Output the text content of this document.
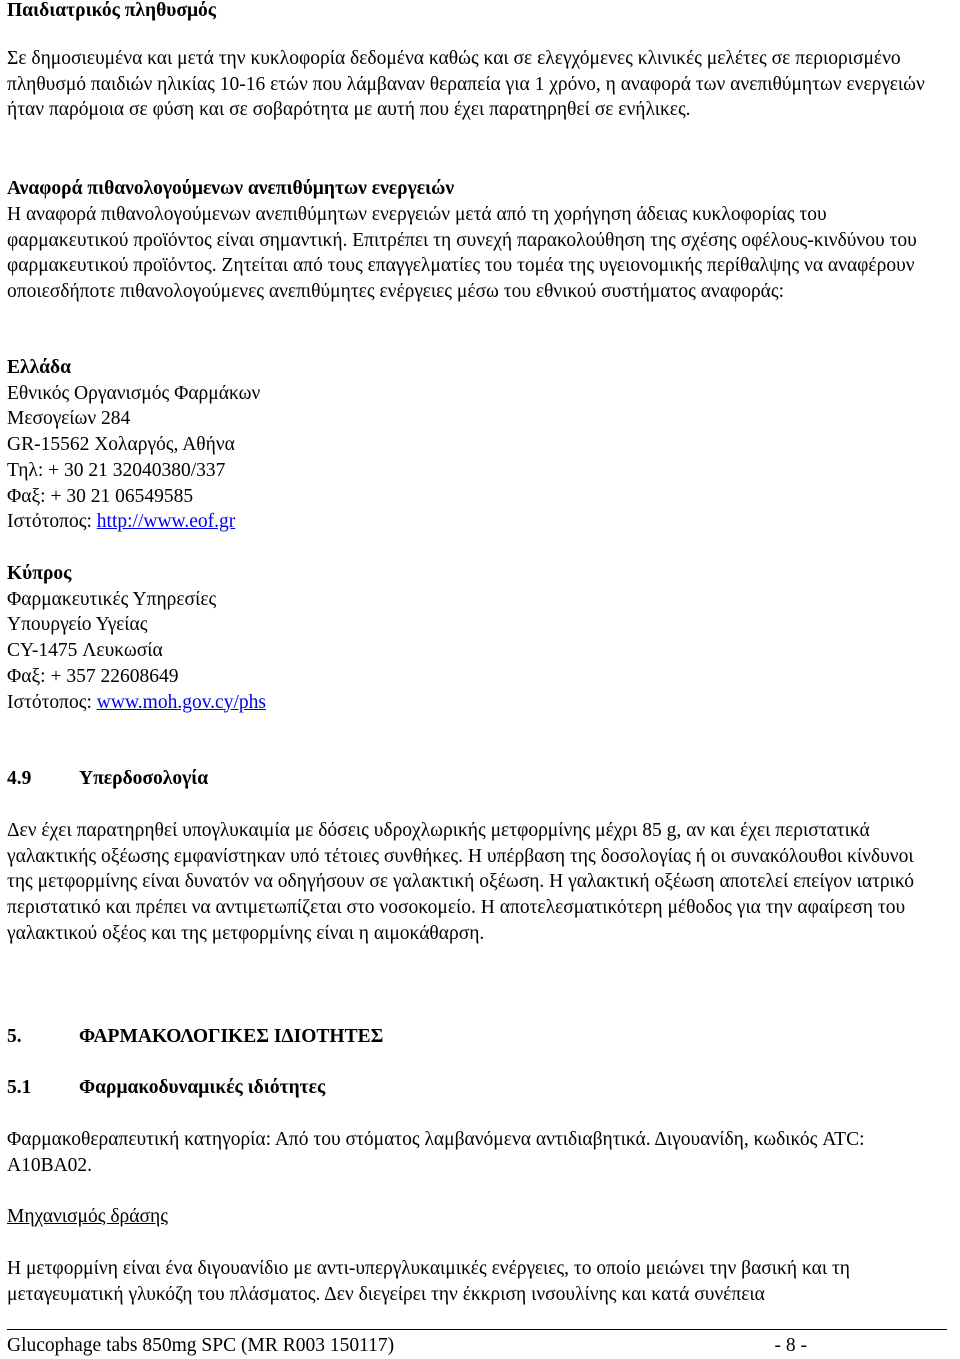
Παιδιατρικός πληθυσμός

Σε δημοσιευμένα και μετά την κυκλοφορία δεδομένα καθώς και σε ελεγχόμενες κλινικές μελέτες σε περιορισμένο πληθυσμό παιδιών ηλικίας 10-16 ετών που λάμβαναν θεραπεία για 1 χρόνο, η αναφορά των ανεπιθύμητων ενεργειών ήταν παρόμοια σε φύση και σε σοβαρότητα με αυτή που έχει παρατηρηθεί σε ενήλικες.

Αναφορά πιθανολογούμενων ανεπιθύμητων ενεργειών

Η αναφορά πιθανολογούμενων ανεπιθύμητων ενεργειών μετά από τη χορήγηση άδειας κυκλοφορίας του φαρμακευτικού προϊόντος είναι σημαντική. Επιτρέπει τη συνεχή παρακολούθηση της σχέσης οφέλους-κινδύνου του φαρμακευτικού προϊόντος. Ζητείται από τους επαγγελματίες του τομέα της υγειονομικής περίθαλψης να αναφέρουν οποιεσδήποτε πιθανολογούμενες ανεπιθύμητες ενέργειες μέσω του εθνικού συστήματος αναφοράς:

Ελλάδα

Εθνικός Οργανισμός Φαρμάκων

Μεσογείων 284

GR-15562 Χολαργός, Αθήνα

Τηλ: + 30 21 32040380/337

Φαξ: + 30 21 06549585

Ιστότοπος: http://www.eof.gr

Κύπρος

Φαρμακευτικές Υπηρεσίες

Υπουργείο Υγείας

CY-1475 Λευκωσία

Φαξ: + 357 22608649

Ιστότοπος: www.moh.gov.cy/phs

4.9 Υπερδοσολογία

Δεν έχει παρατηρηθεί υπογλυκαιμία με δόσεις υδροχλωρικής μετφορμίνης μέχρι 85 g, αν και έχει περιστατικά γαλακτικής οξέωσης εμφανίστηκαν υπό τέτοιες συνθήκες. Η υπέρβαση της δοσολογίας ή οι συνακόλουθοι κίνδυνοι της μετφορμίνης είναι δυνατόν να οδηγήσουν σε γαλακτική οξέωση. Η γαλακτική οξέωση αποτελεί επείγον ιατρικό περιστατικό και πρέπει να αντιμετωπίζεται στο νοσοκομείο. Η αποτελεσματικότερη μέθοδος για την αφαίρεση του γαλακτικού οξέος και της μετφορμίνης είναι η αιμοκάθαρση.

5.	ΦΑΡΜΑΚΟΛΟΓΙΚΕΣ ΙΔΙΟΤΗΤΕΣ

5.1 Φαρμακοδυναμικές ιδιότητες

Φαρμακοθεραπευτική κατηγορία: Από του στόματος λαμβανόμενα αντιδιαβητικά. Διγουανίδη, κωδικός ATC: A10BA02.

Μηχανισμός δράσης

Η μετφορμίνη είναι ένα διγουανίδιο με αντι-υπεργλυκαιμικές ενέργειες, το οποίο μειώνει την βασική και τη μεταγευματική γλυκόζη του πλάσματος. Δεν διεγείρει την έκκριση ινσουλίνης και κατά συνέπεια

Glucophage tabs 850mg SPC (MR R003 150117)	- 8 -
